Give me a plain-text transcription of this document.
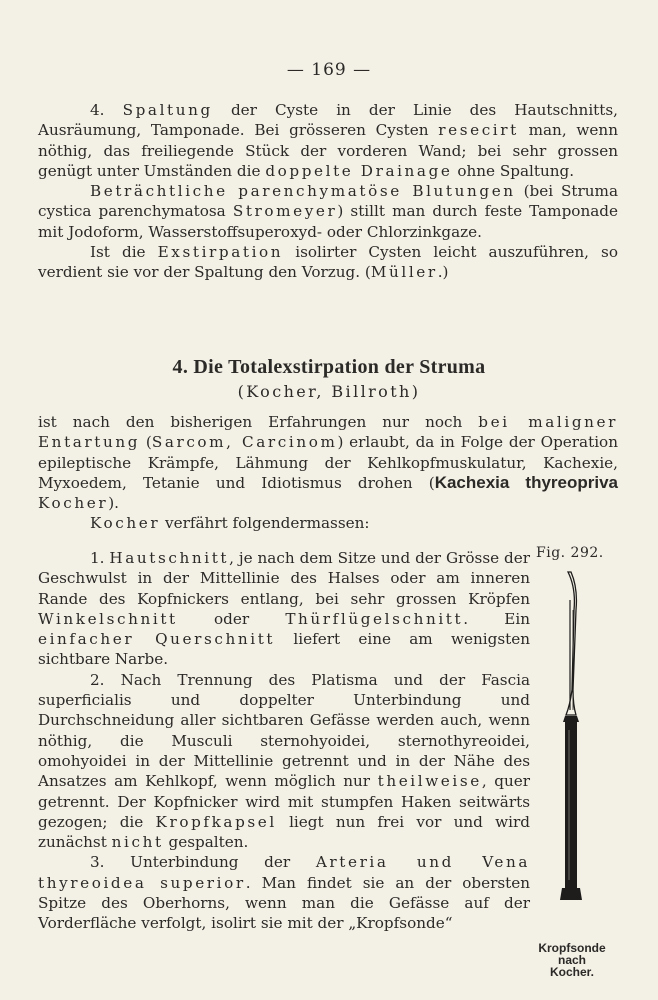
— 169 —

4. Spaltung der Cyste in der Linie des Hautschnitts, Ausräumung, Tamponade. Bei grösseren Cysten resecirt man, wenn nöthig, das freiliegende Stück der vorderen Wand; bei sehr grossen genügt unter Umständen die doppelte Drainage ohne Spaltung.

Beträchtliche parenchymatöse Blutungen (bei Struma cystica parenchymatosa Stromeyer) stillt man durch feste Tamponade mit Jodoform, Wasserstoffsuperoxyd- oder Chlorzinkgaze.

Ist die Exstirpation isolirter Cysten leicht auszuführen, so verdient sie vor der Spaltung den Vorzug. (Müller.)

4. Die Totalexstirpation der Struma
(Kocher, Billroth)

ist nach den bisherigen Erfahrungen nur noch bei maligner Entartung (Sarcom, Carcinom) erlaubt, da in Folge der Operation epileptische Krämpfe, Lähmung der Kehlkopfmuskulatur, Kachexie, Myxoedem, Tetanie und Idiotismus drohen (Kachexia thyreopriva Kocher).

Kocher verfährt folgendermassen:

1. Hautschnitt, je nach dem Sitze und der Grösse der Geschwulst in der Mittellinie des Halses oder am inneren Rande des Kopfnickers entlang, bei sehr grossen Kröpfen Winkelschnitt oder Thürflügelschnitt. Ein einfacher Querschnitt liefert eine am wenigsten sichtbare Narbe.

2. Nach Trennung des Platisma und der Fascia superficialis und doppelter Unterbindung und Durchschneidung aller sichtbaren Gefässe werden auch, wenn nöthig, die Musculi sternohyoidei, sternothyreoidei, omohyoidei in der Mittellinie getrennt und in der Nähe des Ansatzes am Kehlkopf, wenn möglich nur theilweise, quer getrennt. Der Kopfnicker wird mit stumpfen Haken seitwärts gezogen; die Kropfkapsel liegt nun frei vor und wird zunächst nicht gespalten.

3. Unterbindung der Arteria und Vena thyreoidea superior. Man findet sie an der obersten Spitze des Oberhorns, wenn man die Gefässe auf der Vorderfläche verfolgt, isolirt sie mit der „Kropfsonde“

Fig. 292.
Kropfsonde
nach
Kocher.
